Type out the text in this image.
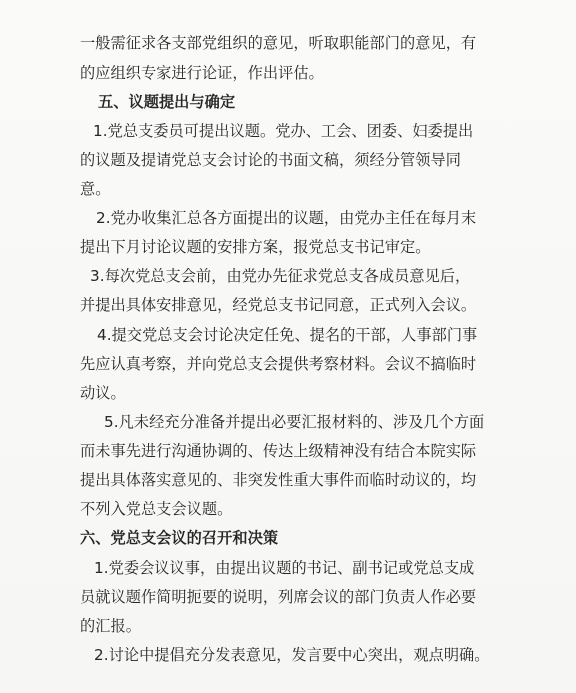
一般需征求各支部党组织的意见，听取职能部门的意见，有
的应组织专家进行论证，作出评估。
五、议题提出与确定
1.党总支委员可提出议题。党办、工会、团委、妇委提出
的议题及提请党总支会讨论的书面文稿，须经分管领导同
意。
2.党办收集汇总各方面提出的议题，由党办主任在每月末
提出下月讨论议题的安排方案，报党总支书记审定。
3.每次党总支会前，由党办先征求党总支各成员意见后，
并提出具体安排意见，经党总支书记同意，正式列入会议。
4.提交党总支会讨论决定任免、提名的干部，人事部门事
先应认真考察，并向党总支会提供考察材料。会议不搞临时
动议。
5.凡未经充分准备并提出必要汇报材料的、涉及几个方面
而未事先进行沟通协调的、传达上级精神没有结合本院实际
提出具体落实意见的、非突发性重大事件而临时动议的，均
不列入党总支会议题。
六、党总支会议的召开和决策
1.党委会议议事，由提出议题的书记、副书记或党总支成
员就议题作简明扼要的说明，列席会议的部门负责人作必要
的汇报。
2.讨论中提倡充分发表意见，发言要中心突出，观点明确。
